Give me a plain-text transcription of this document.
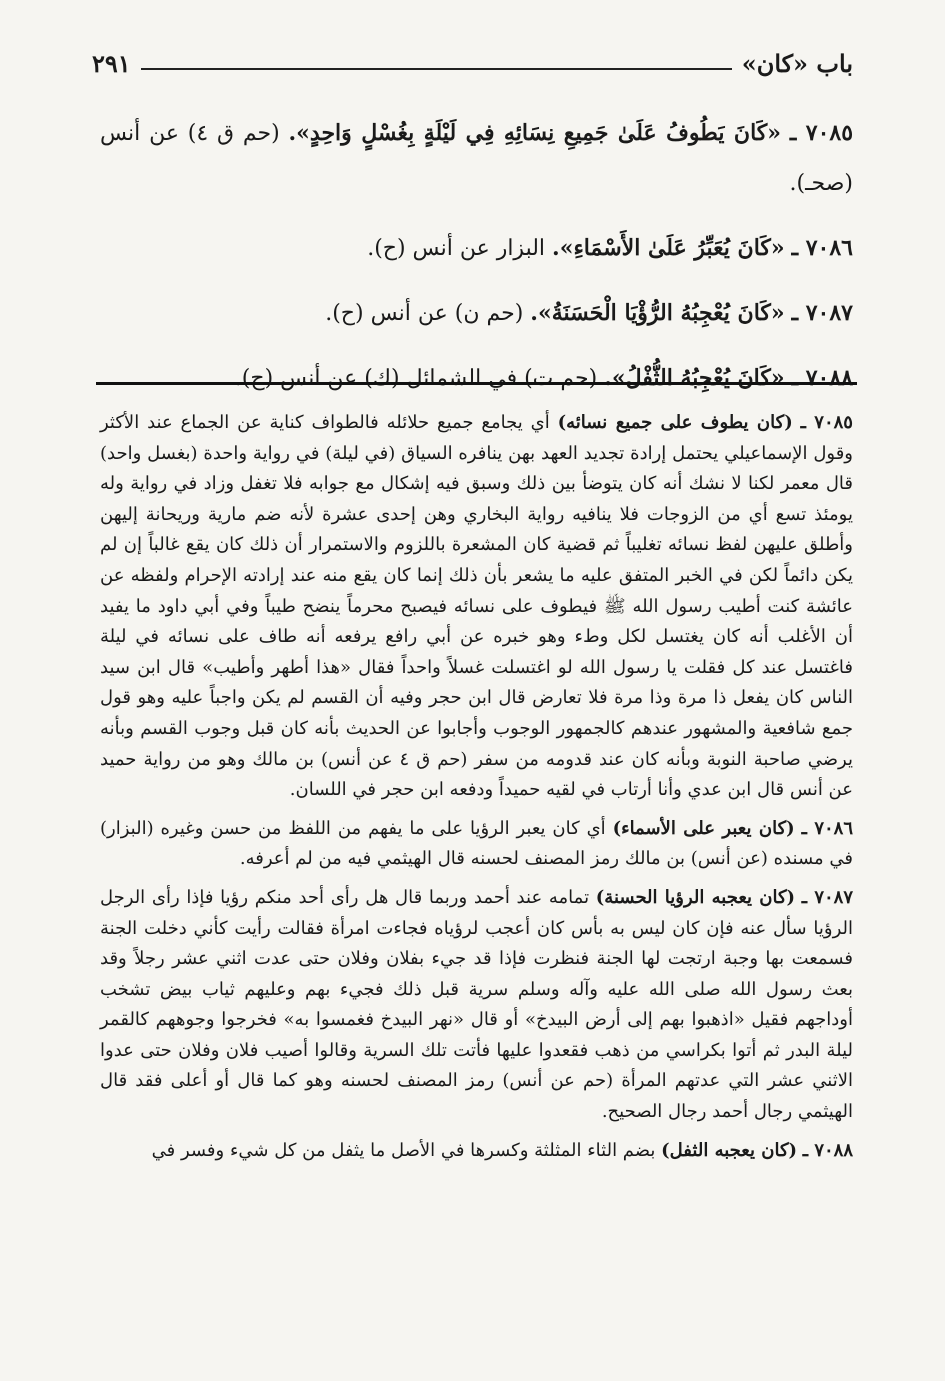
باب «كان»
٢٩١

٧٠٨٥ ـ «كَانَ يَطُوفُ عَلَىٰ جَمِيعِ نِسَائِهِ فِي لَيْلَةٍ بِغُسْلٍ وَاحِدٍ». (حم ق ٤) عن أنس (صحـ).

٧٠٨٦ ـ «كَانَ يُعَبِّرُ عَلَىٰ الأَسْمَاءِ». البزار عن أنس (ح).

٧٠٨٧ ـ «كَانَ يُعْجِبُهُ الرُّؤْيَا الْحَسَنَةُ». (حم ن) عن أنس (ح).

٧٠٨٨ ـ «كَانَ يُعْجِبُهُ الثُّفْلُ». (حم ت) في الشمائل (ك) عن أنس (ح).

٧٠٨٥ ـ (كان يطوف على جميع نسائه) أي يجامع جميع حلائله فالطواف كناية عن الجماع عند الأكثر وقول الإسماعيلي يحتمل إرادة تجديد العهد بهن ينافره السياق (في ليلة) في رواية واحدة (بغسل واحد) قال معمر لكنا لا نشك أنه كان يتوضأ بين ذلك وسبق فيه إشكال مع جوابه فلا تغفل وزاد في رواية وله يومئذ تسع أي من الزوجات فلا ينافيه رواية البخاري وهن إحدى عشرة لأنه ضم مارية وريحانة إليهن وأطلق عليهن لفظ نسائه تغليباً ثم قضية كان المشعرة باللزوم والاستمرار أن ذلك كان يقع غالباً إن لم يكن دائماً لكن في الخبر المتفق عليه ما يشعر بأن ذلك إنما كان يقع منه عند إرادته الإحرام ولفظه عن عائشة كنت أطيب رسول الله ﷺ فيطوف على نسائه فيصبح محرماً ينضح طيباً وفي أبي داود ما يفيد أن الأغلب أنه كان يغتسل لكل وطء وهو خبره عن أبي رافع يرفعه أنه طاف على نسائه في ليلة فاغتسل عند كل فقلت يا رسول الله لو اغتسلت غسلاً واحداً فقال «هذا أطهر وأطيب» قال ابن سيد الناس كان يفعل ذا مرة وذا مرة فلا تعارض قال ابن حجر وفيه أن القسم لم يكن واجباً عليه وهو قول جمع شافعية والمشهور عندهم كالجمهور الوجوب وأجابوا عن الحديث بأنه كان قبل وجوب القسم وبأنه يرضي صاحبة النوبة وبأنه كان عند قدومه من سفر (حم ق ٤ عن أنس) بن مالك وهو من رواية حميد عن أنس قال ابن عدي وأنا أرتاب في لقيه حميداً ودفعه ابن حجر في اللسان.

٧٠٨٦ ـ (كان يعبر على الأسماء) أي كان يعبر الرؤيا على ما يفهم من اللفظ من حسن وغيره (البزار) في مسنده (عن أنس) بن مالك رمز المصنف لحسنه قال الهيثمي فيه من لم أعرفه.

٧٠٨٧ ـ (كان يعجبه الرؤيا الحسنة) تمامه عند أحمد وربما قال هل رأى أحد منكم رؤيا فإذا رأى الرجل الرؤيا سأل عنه فإن كان ليس به بأس كان أعجب لرؤياه فجاءت امرأة فقالت رأيت كأني دخلت الجنة فسمعت بها وجبة ارتجت لها الجنة فنظرت فإذا قد جيء بفلان وفلان حتى عدت اثني عشر رجلاً وقد بعث رسول الله صلى الله عليه وآله وسلم سرية قبل ذلك فجيء بهم وعليهم ثياب بيض تشخب أوداجهم فقيل «اذهبوا بهم إلى أرض البيدخ» أو قال «نهر البيدخ فغمسوا به» فخرجوا وجوههم كالقمر ليلة البدر ثم أتوا بكراسي من ذهب فقعدوا عليها فأتت تلك السرية وقالوا أصيب فلان وفلان حتى عدوا الاثني عشر التي عدتهم المرأة (حم عن أنس) رمز المصنف لحسنه وهو كما قال أو أعلى فقد قال الهيثمي رجال أحمد رجال الصحيح.

٧٠٨٨ ـ (كان يعجبه الثفل) بضم الثاء المثلثة وكسرها في الأصل ما يثفل من كل شيء وفسر في
